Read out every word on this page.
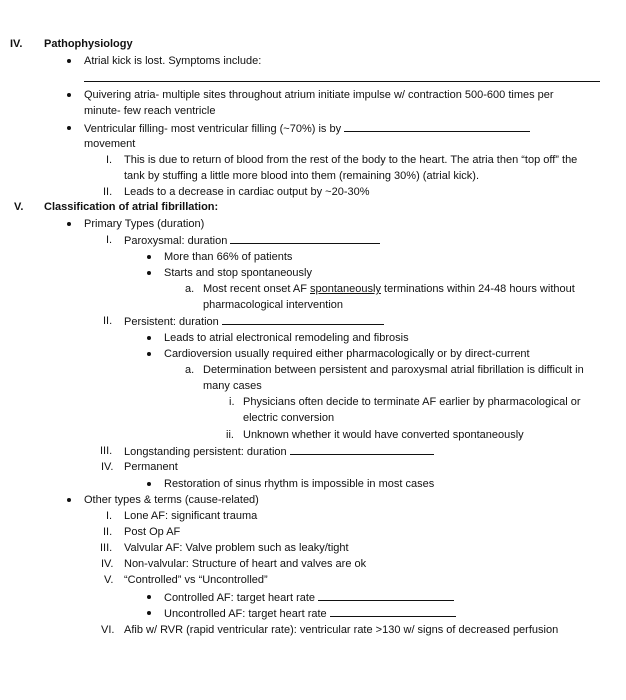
IV. Pathophysiology
Atrial kick is lost. Symptoms include:
Quivering atria- multiple sites throughout atrium initiate impulse w/ contraction 500-600 times per
minute- few reach ventricle
Ventricular filling- most ventricular filling (~70%) is by
movement
I. This is due to return of blood from the rest of the body to the heart. The atria then “top off” the
tank by stuffing a little more blood into them (remaining 30%) (atrial kick).
II. Leads to a decrease in cardiac output by ~20-30%
V. Classification of atrial fibrillation:
Primary Types (duration)
I. Paroxysmal: duration
More than 66% of patients
Starts and stop spontaneously
a. Most recent onset AF spontaneously terminations within 24-48 hours without
pharmacological intervention
II. Persistent: duration
Leads to atrial electronical remodeling and fibrosis
Cardioversion usually required either pharmacologically or by direct-current
a. Determination between persistent and paroxysmal atrial fibrillation is difficult in
many cases
i. Physicians often decide to terminate AF earlier by pharmacological or
electric conversion
ii. Unknown whether it would have converted spontaneously
III. Longstanding persistent: duration
IV. Permanent
Restoration of sinus rhythm is impossible in most cases
Other types & terms (cause-related)
I. Lone AF: significant trauma
II. Post Op AF
III. Valvular AF: Valve problem such as leaky/tight
IV. Non-valvular: Structure of heart and valves are ok
V. “Controlled” vs “Uncontrolled”
Controlled AF: target heart rate
Uncontrolled AF: target heart rate
VI. Afib w/ RVR (rapid ventricular rate): ventricular rate >130 w/ signs of decreased perfusion
